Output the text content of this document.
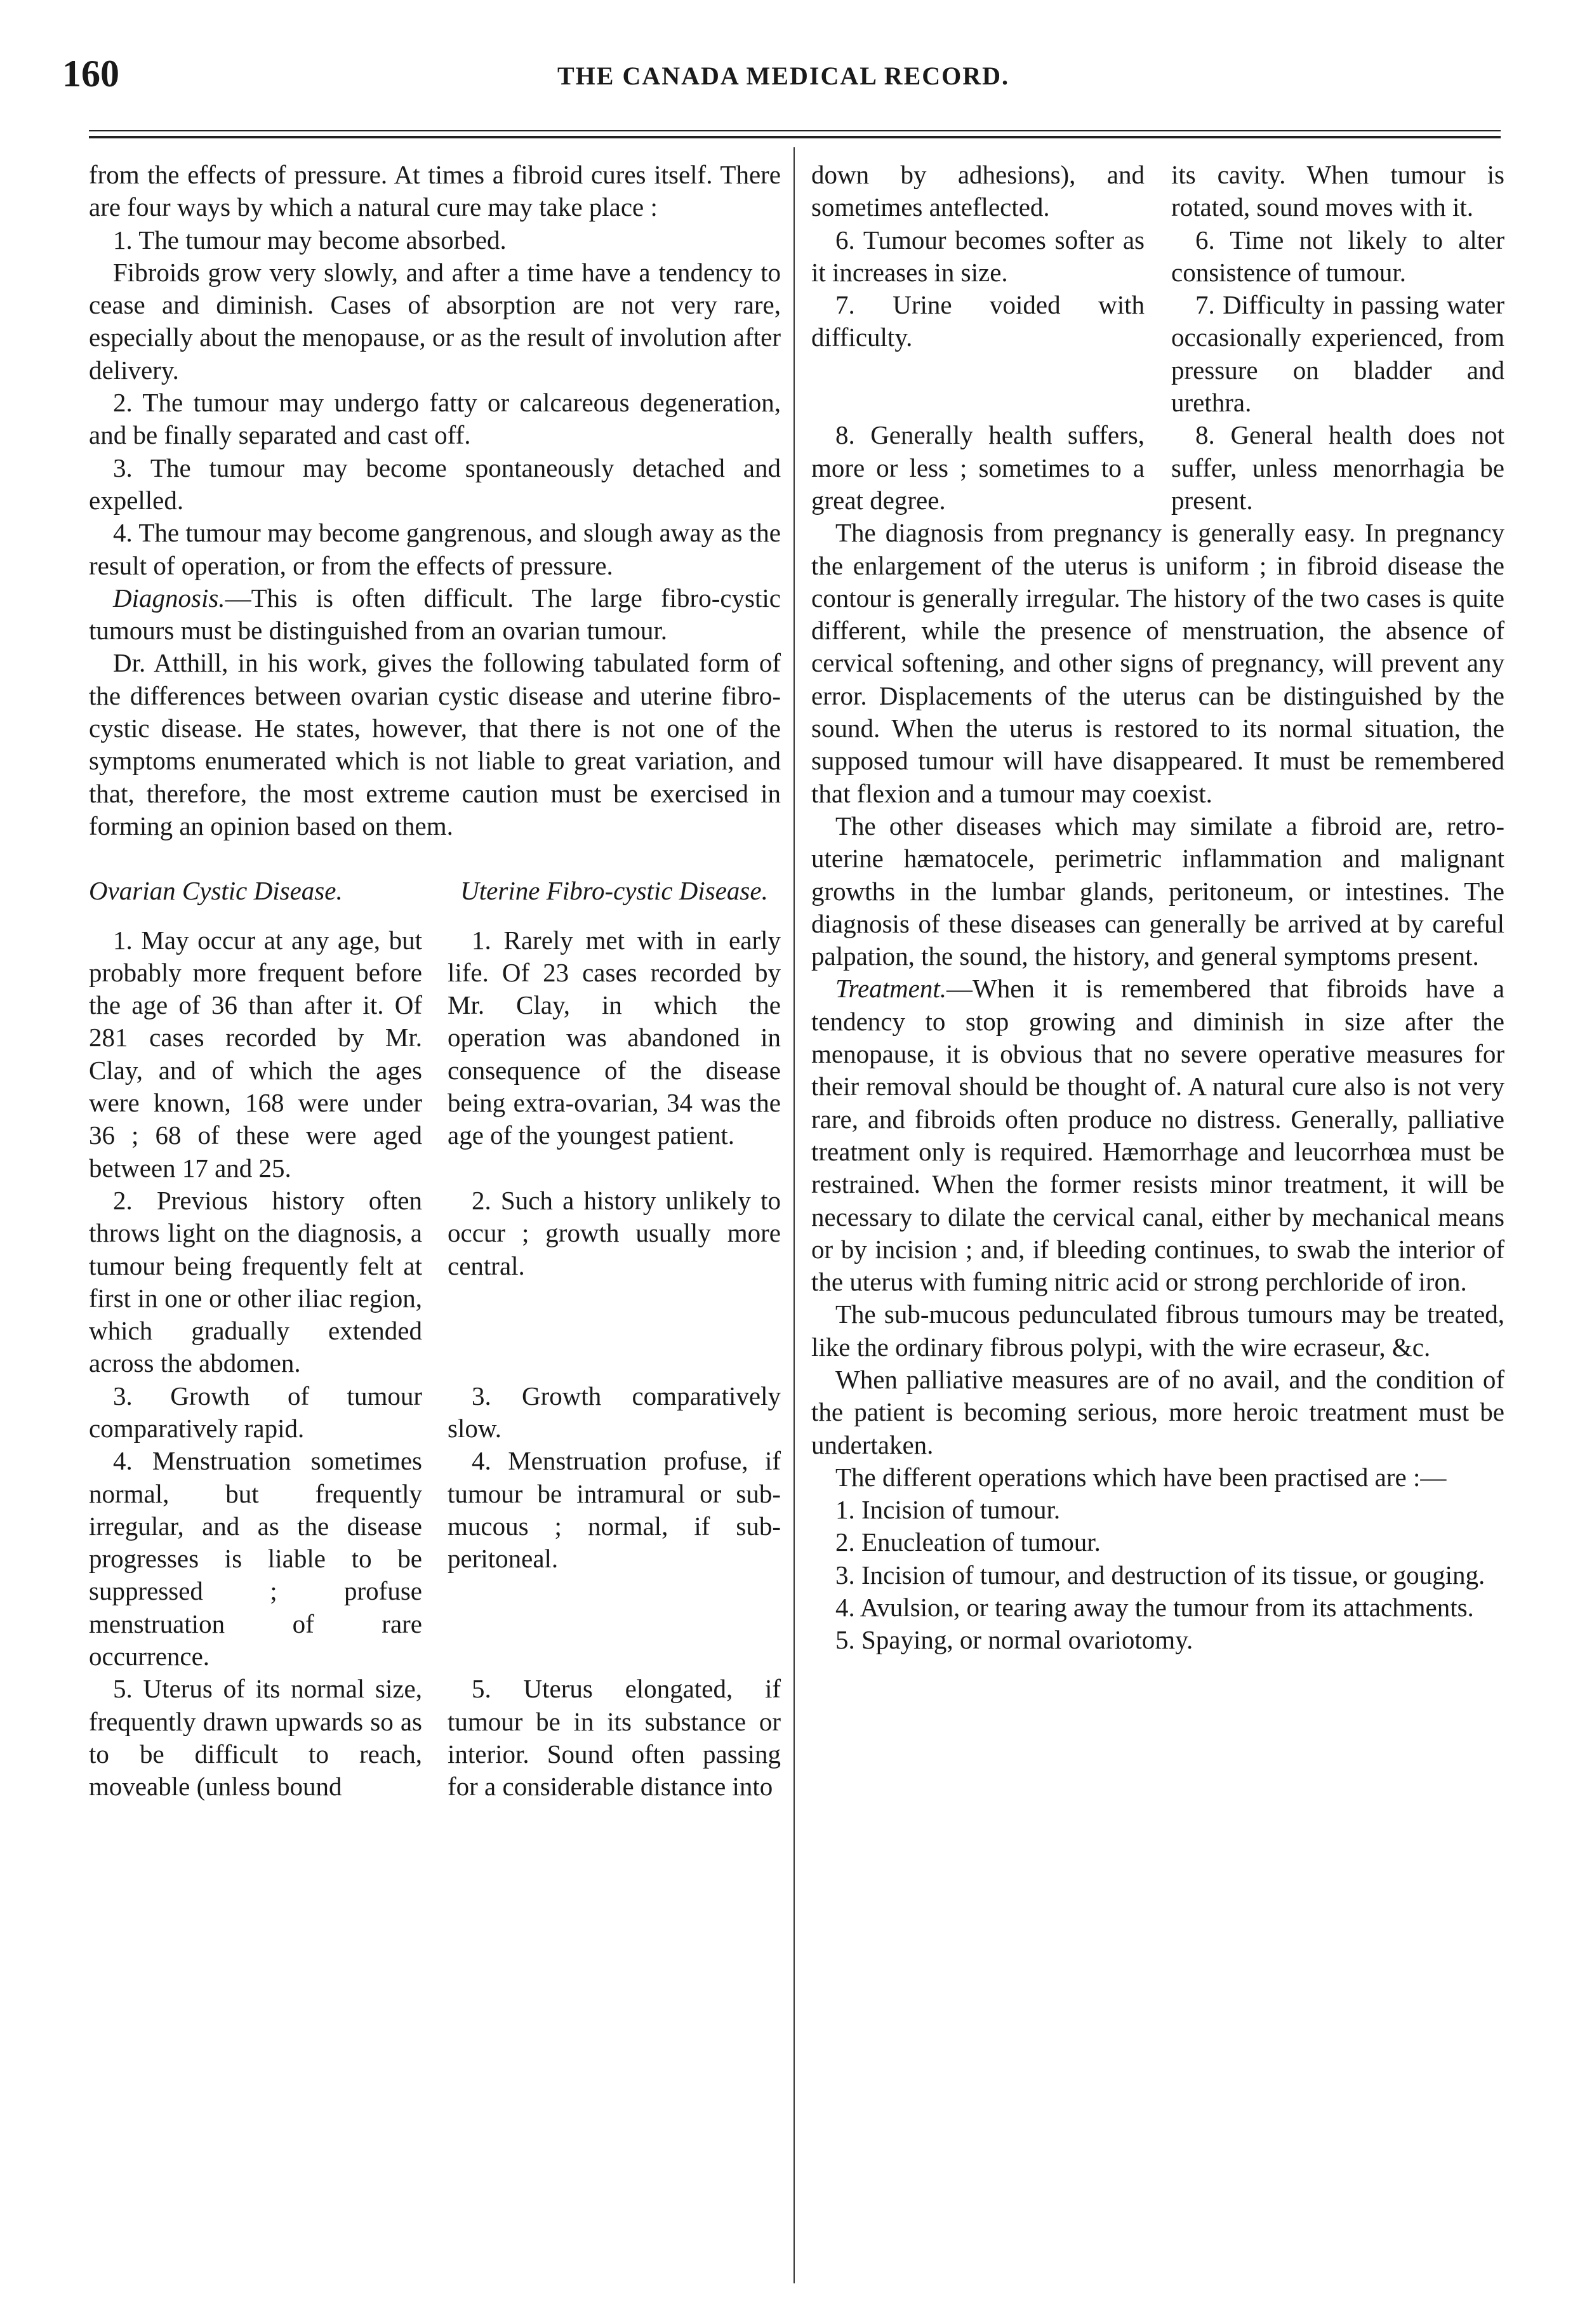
160	THE CANADA MEDICAL RECORD.

from the effects of pressure. At times a fibroid cures itself. There are four ways by which a natural cure may take place :

1. The tumour may become absorbed.

Fibroids grow very slowly, and after a time have a tendency to cease and diminish. Cases of absorption are not very rare, especially about the menopause, or as the result of involution after delivery.

2. The tumour may undergo fatty or calcareous degeneration, and be finally separated and cast off.

3. The tumour may become spontaneously detached and expelled.

4. The tumour may become gangrenous, and slough away as the result of operation, or from the effects of pressure.

Diagnosis.—This is often difficult. The large fibro-cystic tumours must be distinguished from an ovarian tumour.

Dr. Atthill, in his work, gives the following tabulated form of the differences between ovarian cystic disease and uterine fibro-cystic disease. He states, however, that there is not one of the symptoms enumerated which is not liable to great variation, and that, therefore, the most extreme caution must be exercised in forming an opinion based on them.

Ovarian Cystic Disease.	Uterine Fibro-cystic Disease.

1. May occur at any age, but probably more frequent before the age of 36 than after it. Of 281 cases recorded by Mr. Clay, and of which the ages were known, 168 were under 36 ; 68 of these were aged between 17 and 25.

1. Rarely met with in early life. Of 23 cases recorded by Mr. Clay, in which the operation was abandoned in consequence of the disease being extra-ovarian, 34 was the age of the youngest patient.

2. Previous history often throws light on the diagnosis, a tumour being frequently felt at first in one or other iliac region, which gradually extended across the abdomen.

2. Such a history unlikely to occur ; growth usually more central.

3. Growth of tumour comparatively rapid.

3. Growth comparatively slow.

4. Menstruation sometimes normal, but frequently irregular, and as the disease progresses is liable to be suppressed ; profuse menstruation of rare occurrence.

4. Menstruation profuse, if tumour be intramural or sub-mucous ; normal, if sub-peritoneal.

5. Uterus of its normal size, frequently drawn upwards so as to be difficult to reach, moveable (unless bound

5. Uterus elongated, if tumour be in its substance or interior. Sound often passing for a considerable distance into

down by adhesions), and sometimes anteflected.

its cavity. When tumour is rotated, sound moves with it.

6. Tumour becomes softer as it increases in size.

6. Time not likely to alter consistence of tumour.

7. Urine voided with difficulty.

7. Difficulty in passing water occasionally experienced, from pressure on bladder and urethra.

8. Generally health suffers, more or less ; sometimes to a great degree.

8. General health does not suffer, unless menorrhagia be present.

The diagnosis from pregnancy is generally easy. In pregnancy the enlargement of the uterus is uniform ; in fibroid disease the contour is generally irregular. The history of the two cases is quite different, while the presence of menstruation, the absence of cervical softening, and other signs of pregnancy, will prevent any error. Displacements of the uterus can be distinguished by the sound. When the uterus is restored to its normal situation, the supposed tumour will have disappeared. It must be remembered that flexion and a tumour may coexist.

The other diseases which may similate a fibroid are, retro-uterine hæmatocele, perimetric inflammation and malignant growths in the lumbar glands, peritoneum, or intestines. The diagnosis of these diseases can generally be arrived at by careful palpation, the sound, the history, and general symptoms present.

Treatment.—When it is remembered that fibroids have a tendency to stop growing and diminish in size after the menopause, it is obvious that no severe operative measures for their removal should be thought of. A natural cure also is not very rare, and fibroids often produce no distress. Generally, palliative treatment only is required. Hæmorrhage and leucorrhœa must be restrained. When the former resists minor treatment, it will be necessary to dilate the cervical canal, either by mechanical means or by incision ; and, if bleeding continues, to swab the interior of the uterus with fuming nitric acid or strong perchloride of iron.

The sub-mucous pedunculated fibrous tumours may be treated, like the ordinary fibrous polypi, with the wire ecraseur, &c.

When palliative measures are of no avail, and the condition of the patient is becoming serious, more heroic treatment must be undertaken.

The different operations which have been practised are :—

1. Incision of tumour.

2. Enucleation of tumour.

3. Incision of tumour, and destruction of its tissue, or gouging.

4. Avulsion, or tearing away the tumour from its attachments.

5. Spaying, or normal ovariotomy.
